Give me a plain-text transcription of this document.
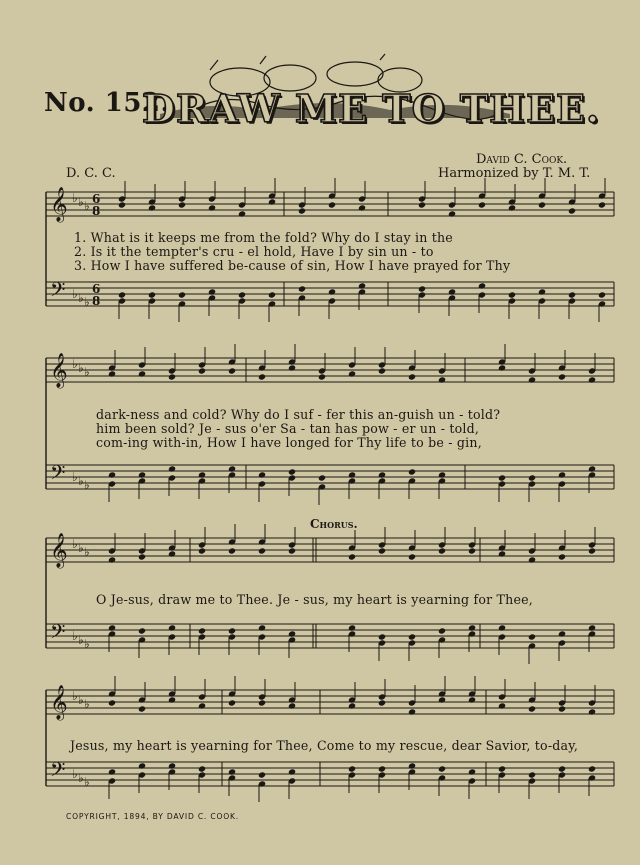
No. 152.
DRAW ME TO THEE.
D. C. C.
David C. Cook.
Harmonized by T. M. T.
𝄞
𝄢
♭
♭
♭
♭
♭
♭
6
8
6
8
𝄞
𝄢
♭
♭
♭
♭
♭
♭
𝄞
𝄢
♭
♭
♭
♭
♭
♭
𝄞
𝄢
♭
♭
♭
♭
♭
♭
1. What is it keeps me from the fold? Why do I stay in the
2. Is it the tempter's cru - el hold, Have I by sin un - to
3. How I have suffered be-cause of sin, How I have prayed for Thy
dark-ness and cold? Why do I suf - fer this an-guish un - told?
him been sold? Je - sus o'er Sa - tan has pow - er un - told,
com-ing with-in, How I have longed for Thy life to be - gin,
Chorus.
O Je-sus, draw me to Thee. Je - sus, my heart is yearning for Thee,
Jesus, my heart is yearning for Thee, Come to my rescue, dear Savior, to-day,
COPYRIGHT, 1894, BY DAVID C. COOK.
